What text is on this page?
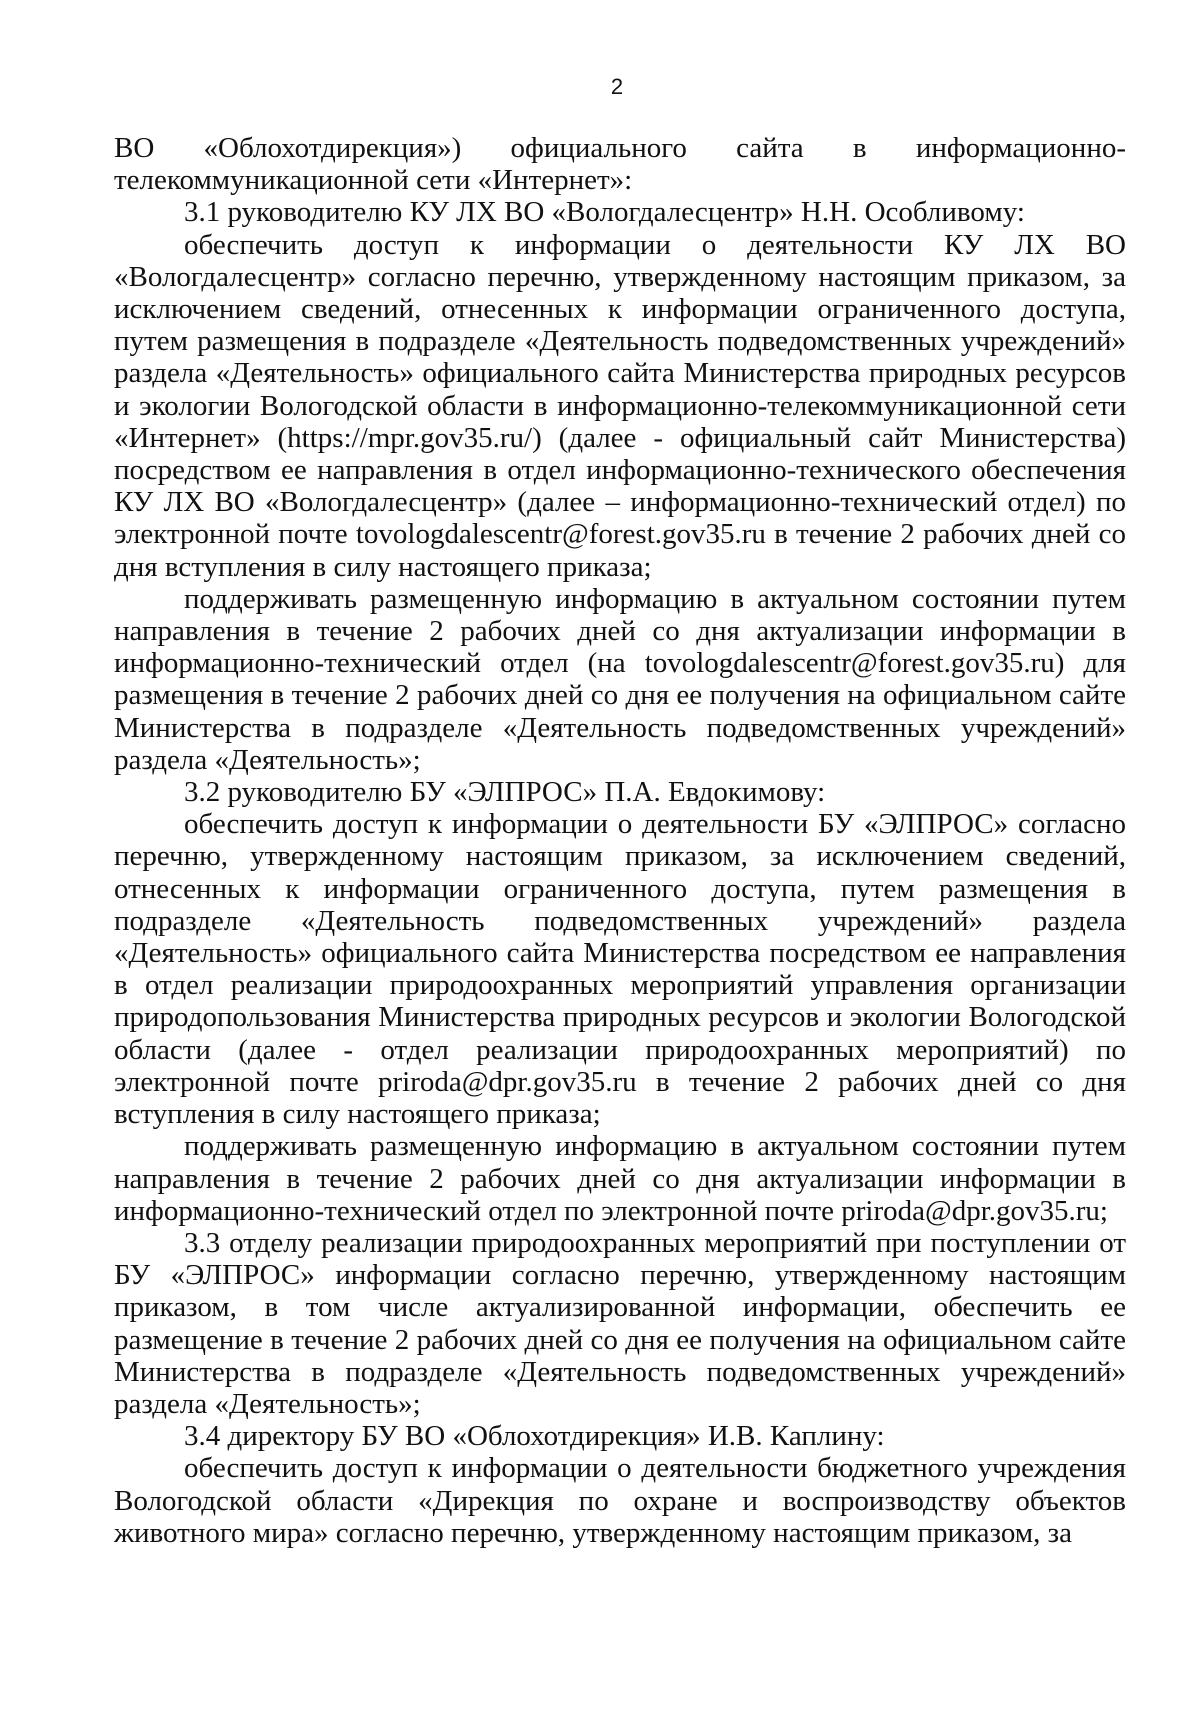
2

ВО «Облохотдирекция») официального сайта в информационно-телекоммуникационной сети «Интернет»:

3.1 руководителю КУ ЛХ ВО «Вологдалесцентр» Н.Н. Особливому:

обеспечить доступ к информации о деятельности КУ ЛХ ВО «Вологдалесцентр» согласно перечню, утвержденному настоящим приказом, за исключением сведений, отнесенных к информации ограниченного доступа, путем размещения в подразделе «Деятельность подведомственных учреждений» раздела «Деятельность» официального сайта Министерства природных ресурсов и экологии Вологодской области в информационно-телекоммуникационной сети «Интернет» (https://mpr.gov35.ru/) (далее - официальный сайт Министерства) посредством ее направления в отдел информационно-технического обеспечения КУ ЛХ ВО «Вологдалесцентр» (далее – информационно-технический отдел) по электронной почте tovologdalescentr@forest.gov35.ru в течение 2 рабочих дней со дня вступления в силу настоящего приказа;

поддерживать размещенную информацию в актуальном состоянии путем направления в течение 2 рабочих дней со дня актуализации информации в информационно-технический отдел (на tovologdalescentr@forest.gov35.ru) для размещения в течение 2 рабочих дней со дня ее получения на официальном сайте Министерства в подразделе «Деятельность подведомственных учреждений» раздела «Деятельность»;

3.2 руководителю БУ «ЭЛПРОС» П.А. Евдокимову:

обеспечить доступ к информации о деятельности БУ «ЭЛПРОС» согласно перечню, утвержденному настоящим приказом, за исключением сведений, отнесенных к информации ограниченного доступа, путем размещения в подразделе «Деятельность подведомственных учреждений» раздела «Деятельность» официального сайта Министерства посредством ее направления в отдел реализации природоохранных мероприятий управления организации природопользования Министерства природных ресурсов и экологии Вологодской области (далее - отдел реализации природоохранных мероприятий) по электронной почте priroda@dpr.gov35.ru в течение 2 рабочих дней со дня вступления в силу настоящего приказа;

поддерживать размещенную информацию в актуальном состоянии путем направления в течение 2 рабочих дней со дня актуализации информации в информационно-технический отдел по электронной почте priroda@dpr.gov35.ru;

3.3 отделу реализации природоохранных мероприятий при поступлении от БУ «ЭЛПРОС» информации согласно перечню, утвержденному настоящим приказом, в том числе актуализированной информации, обеспечить ее размещение в течение 2 рабочих дней со дня ее получения на официальном сайте Министерства в подразделе «Деятельность подведомственных учреждений» раздела «Деятельность»;

3.4 директору БУ ВО «Облохотдирекция» И.В. Каплину:

обеспечить доступ к информации о деятельности бюджетного учреждения Вологодской области «Дирекция по охране и воспроизводству объектов животного мира» согласно перечню, утвержденному настоящим приказом, за
